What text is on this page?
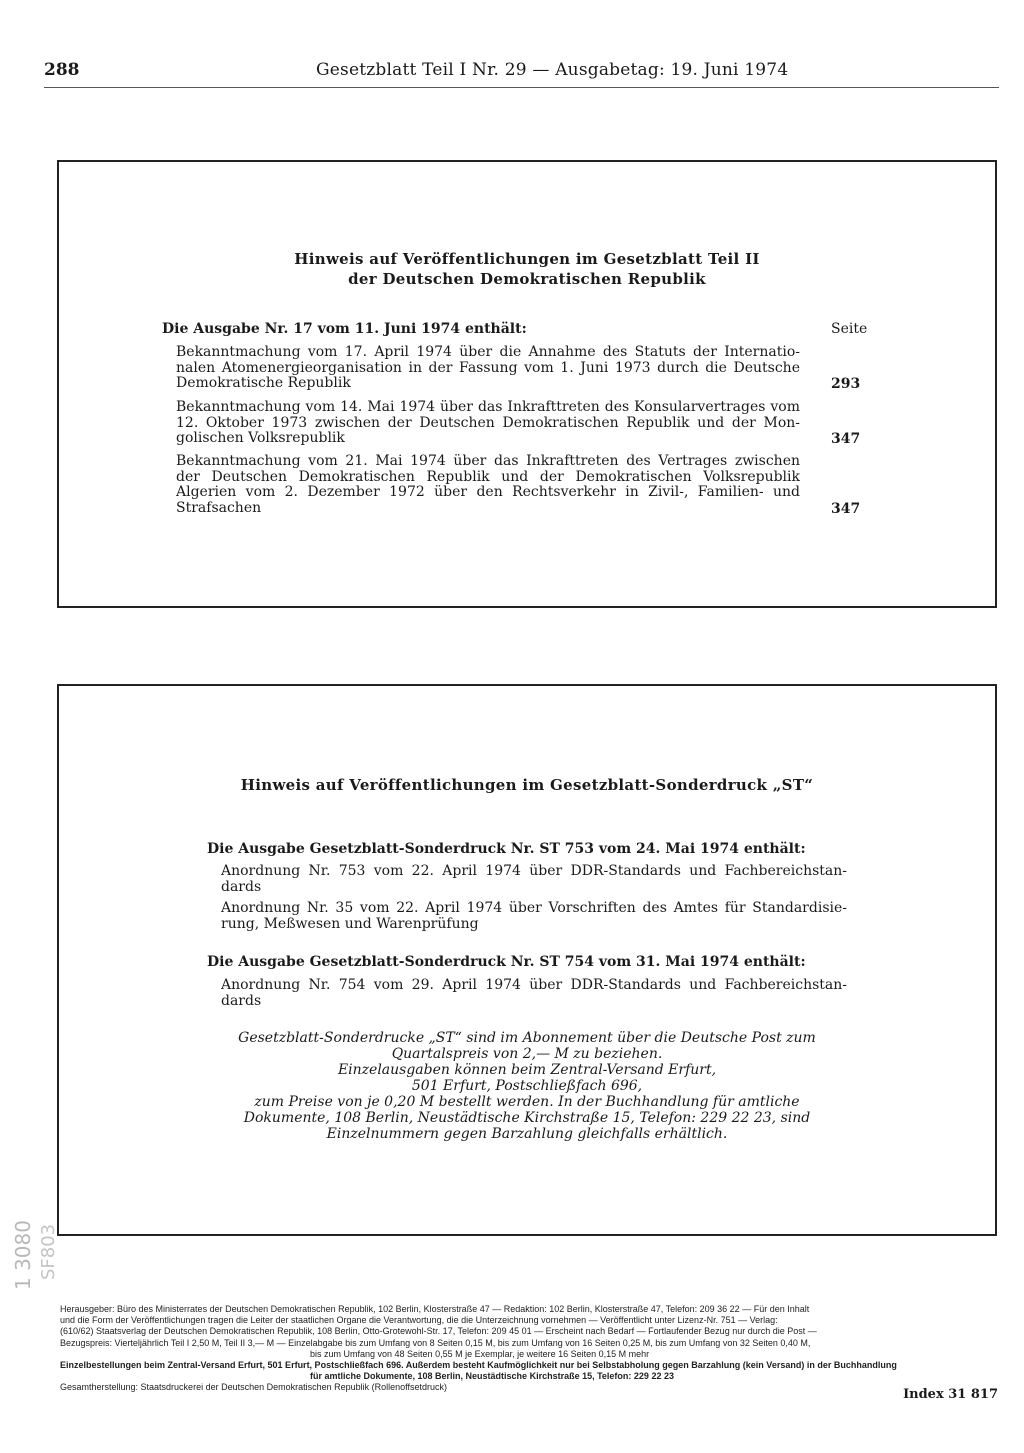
288	Gesetzblatt Teil I Nr. 29 — Ausgabetag: 19. Juni 1974
Hinweis auf Veröffentlichungen im Gesetzblatt Teil II
der Deutschen Demokratischen Republik
Die Ausgabe Nr. 17 vom 11. Juni 1974 enthält:	Seite
Bekanntmachung vom 17. April 1974 über die Annahme des Statuts der Internatio-
nalen Atomenergieorganisation in der Fassung vom 1. Juni 1973 durch die Deutsche
Demokratische Republik	293
Bekanntmachung vom 14. Mai 1974 über das Inkrafttreten des Konsularvertrages vom
12. Oktober 1973 zwischen der Deutschen Demokratischen Republik und der Mon-
golischen Volksrepublik	347
Bekanntmachung vom 21. Mai 1974 über das Inkrafttreten des Vertrages zwischen
der Deutschen Demokratischen Republik und der Demokratischen Volksrepublik
Algerien vom 2. Dezember 1972 über den Rechtsverkehr in Zivil-, Familien- und
Strafsachen	347
Hinweis auf Veröffentlichungen im Gesetzblatt-Sonderdruck „ST“
Die Ausgabe Gesetzblatt-Sonderdruck Nr. ST 753 vom 24. Mai 1974 enthält:
Anordnung Nr. 753 vom 22. April 1974 über DDR-Standards und Fachbereichstan-
dards
Anordnung Nr. 35 vom 22. April 1974 über Vorschriften des Amtes für Standardisie-
rung, Meßwesen und Warenprüfung
Die Ausgabe Gesetzblatt-Sonderdruck Nr. ST 754 vom 31. Mai 1974 enthält:
Anordnung Nr. 754 vom 29. April 1974 über DDR-Standards und Fachbereichstan-
dards
Gesetzblatt-Sonderdrucke „ST“ sind im Abonnement über die Deutsche Post zum
Quartalspreis von 2,— M zu beziehen.
Einzelausgaben können beim Zentral-Versand Erfurt,
501 Erfurt, Postschließfach 696,
zum Preise von je 0,20 M bestellt werden. In der Buchhandlung für amtliche
Dokumente, 108 Berlin, Neustädtische Kirchstraße 15, Telefon: 229 22 23, sind
Einzelnummern gegen Barzahlung gleichfalls erhältlich.
1 3080 SF803
Herausgeber: Büro des Ministerrates der Deutschen Demokratischen Republik, 102 Berlin, Klosterstraße 47 — Redaktion: 102 Berlin, Klosterstraße 47, Telefon: 209 36 22 — Für den Inhalt
und die Form der Veröffentlichungen tragen die Leiter der staatlichen Organe die Verantwortung, die die Unterzeichnung vornehmen — Veröffentlicht unter Lizenz-Nr. 751 — Verlag:
(610/62) Staatsverlag der Deutschen Demokratischen Republik, 108 Berlin, Otto-Grotewohl-Str. 17, Telefon: 209 45 01 — Erscheint nach Bedarf — Fortlaufender Bezug nur durch die Post —
Bezugspreis: Vierteljährlich Teil I 2,50 M, Teil II 3,— M — Einzelabgabe bis zum Umfang von 8 Seiten 0,15 M, bis zum Umfang von 16 Seiten 0,25 M, bis zum Umfang von 32 Seiten 0,40 M,
bis zum Umfang von 48 Seiten 0,55 M je Exemplar, je weitere 16 Seiten 0,15 M mehr
Einzelbestellungen beim Zentral-Versand Erfurt, 501 Erfurt, Postschließfach 696. Außerdem besteht Kaufmöglichkeit nur bei Selbstabholung gegen Barzahlung (kein Versand) in der Buchhandlung
für amtliche Dokumente, 108 Berlin, Neustädtische Kirchstraße 15, Telefon: 229 22 23
Gesamtherstellung: Staatsdruckerei der Deutschen Demokratischen Republik (Rollenoffsetdruck)	Index 31 817
